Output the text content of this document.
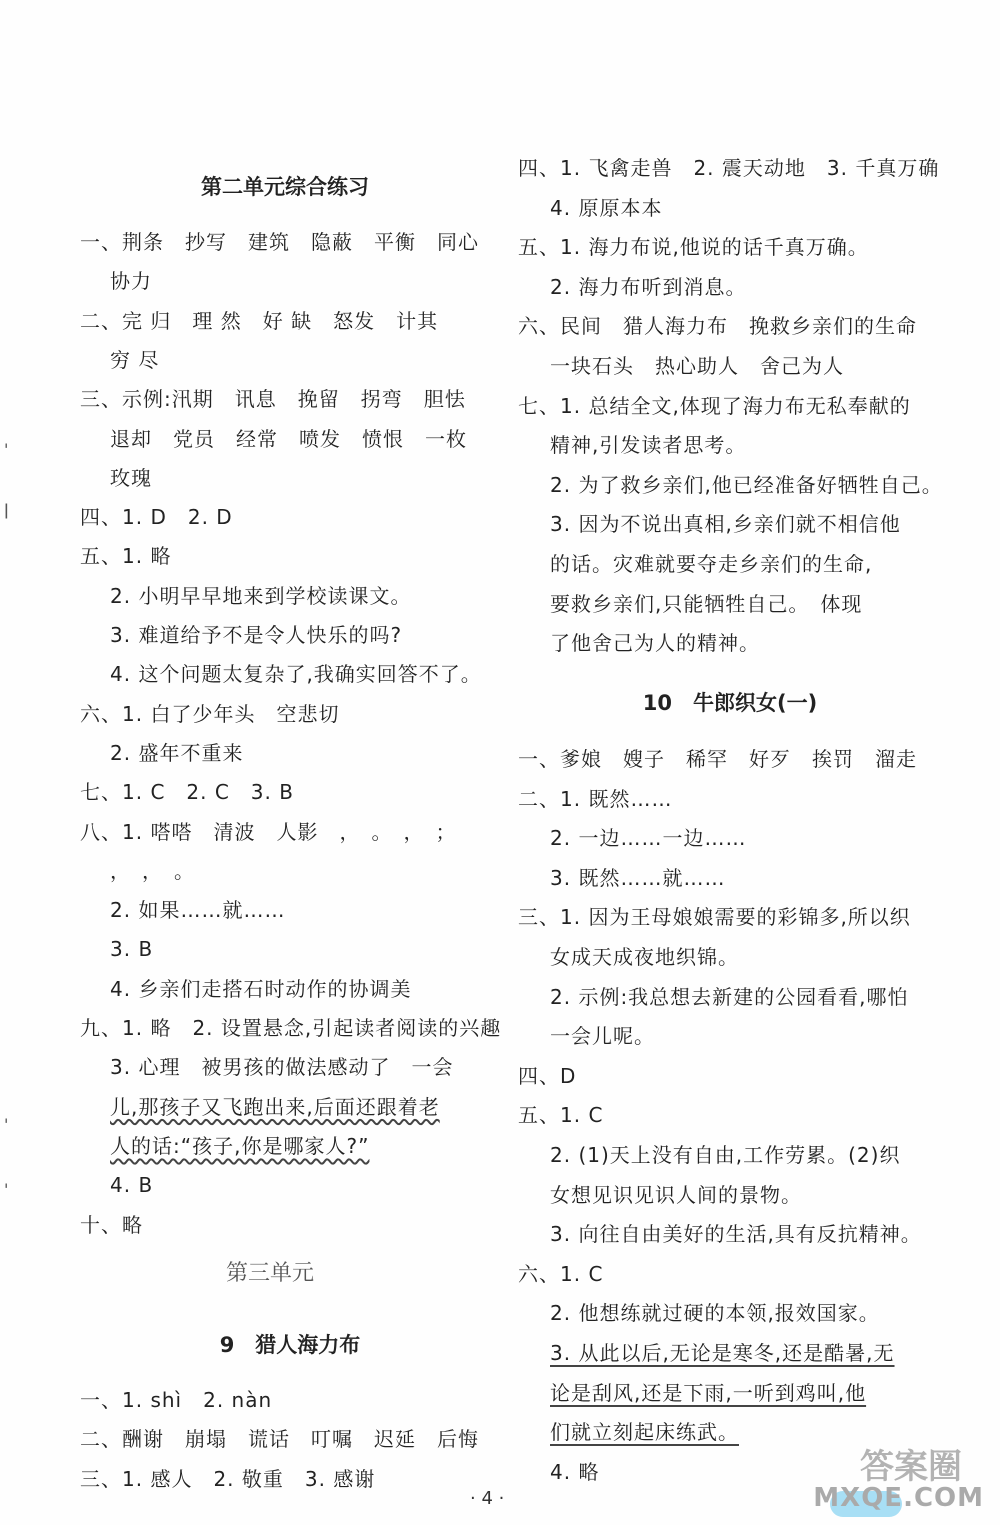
第二单元综合练习
一、荆条　抄写　建筑　隐蔽　平衡　同心
协力
二、完 归　理 然　好 缺　怒发　计其
穷 尽
三、示例:汛期　讯息　挽留　拐弯　胆怯
退却　党员　经常　喷发　愤恨　一枚
玫瑰
四、1. D　2. D
五、1. 略
2. 小明早早地来到学校读课文。
3. 难道给予不是令人快乐的吗?
4. 这个问题太复杂了,我确实回答不了。
六、1. 白了少年头　空悲切
2. 盛年不重来
七、1. C　2. C　3. B
八、1. 嗒嗒　清波　人影　，　。　，　；
，　，　。
2. 如果……就……
3. B
4. 乡亲们走搭石时动作的协调美
九、1. 略　2. 设置悬念,引起读者阅读的兴趣
3. 心理　被男孩的做法感动了　一会
儿,那孩子又飞跑出来,后面还跟着老
人的话:“孩子,你是哪家人?”
4. B
十、略
第三单元
9　猎人海力布
一、1. shì　2. nàn
二、酬谢　崩塌　谎话　叮嘱　迟延　后悔
三、1. 感人　2. 敬重　3. 感谢
四、1. 飞禽走兽　2. 震天动地　3. 千真万确
4. 原原本本
五、1. 海力布说,他说的话千真万确。
2. 海力布听到消息。
六、民间　猎人海力布　挽救乡亲们的生命
一块石头　热心助人　舍己为人
七、1. 总结全文,体现了海力布无私奉献的
精神,引发读者思考。
2. 为了救乡亲们,他已经准备好牺牲自己。
3. 因为不说出真相,乡亲们就不相信他
的话。灾难就要夺走乡亲们的生命,
要救乡亲们,只能牺牲自己。　体现
了他舍己为人的精神。
10　牛郎织女(一)
一、爹娘　嫂子　稀罕　好歹　挨罚　溜走
二、1. 既然……
2. 一边……一边……
3. 既然……就……
三、1. 因为王母娘娘需要的彩锦多,所以织
女成天成夜地织锦。
2. 示例:我总想去新建的公园看看,哪怕
一会儿呢。
四、D
五、1. C
2. (1)天上没有自由,工作劳累。(2)织
女想见识见识人间的景物。
3. 向往自由美好的生活,具有反抗精神。
六、1. C
2. 他想练就过硬的本领,报效国家。
3. 从此以后,无论是寒冬,还是酷暑,无
论是刮风,还是下雨,一听到鸡叫,他
们就立刻起床练武。
4. 略
'
ǀ
'
'
· 4 ·
答案圈
MXQE.COM
